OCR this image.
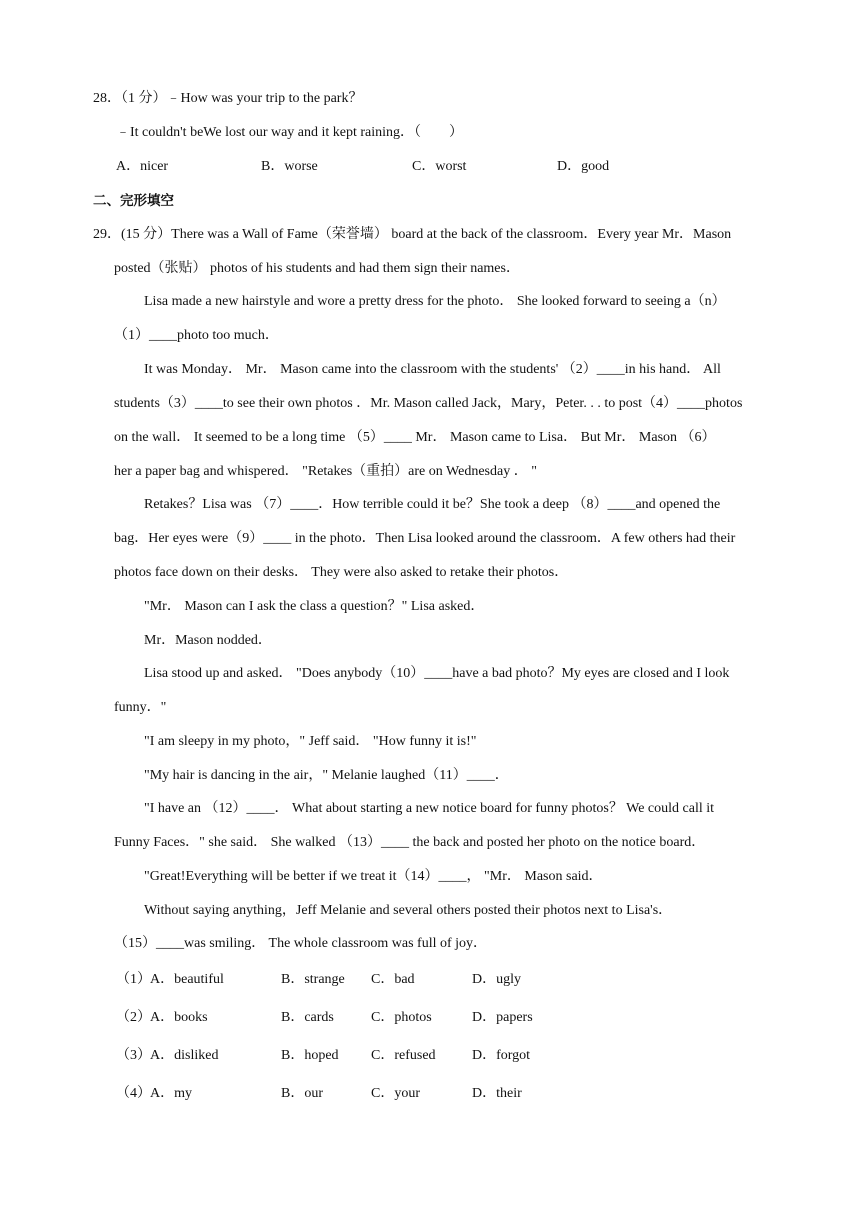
28．（1 分）﹣How was your trip to the park？
﹣It couldn't beWe lost our way and it kept raining．（　　）
A．nicer	B．worse	C．worst	D．good
二、完形填空
29．(15 分）There was a Wall of Fame（荣誉墙） board at the back of the classroom．Every year Mr．Mason
posted（张贴） photos of his students and had them sign their names．
Lisa made a new hairstyle and wore a pretty dress for the photo． She looked forward to seeing a（n）
（1）____photo too much．
It was Monday． Mr． Mason came into the classroom with the students' （2）____in his hand． All
students（3）____to see their own photos ．Mr. Mason called Jack，Mary，Peter. . . to post（4）____photos
on the wall． It seemed to be a long time （5）____ Mr． Mason came to Lisa． But Mr． Mason （6）
her a paper bag and whispered． "Retakes（重拍）are on Wednesday ． "
Retakes？Lisa was （7）____．How terrible could it be？She took a deep （8）____and opened the
bag．Her eyes were（9）____ in the photo．Then Lisa looked around the classroom．A few others had their
photos face down on their desks． They were also asked to retake their photos．
"Mr． Mason can I ask the class a question？" Lisa asked．
Mr．Mason nodded．
Lisa stood up and asked． "Does anybody（10）____have a bad photo？My eyes are closed and I look
funny．"
"I am sleepy in my photo，" Jeff said． "How funny it is!"
"My hair is dancing in the air，" Melanie laughed（11）____．
"I have an （12）____． What about starting a new notice board for funny photos？ We could call it
Funny Faces．" she said． She walked （13）____ the back and posted her photo on the notice board．
"Great!Everything will be better if we treat it（14）____， "Mr． Mason said．
Without saying anything，Jeff Melanie and several others posted their photos next to Lisa's．
（15）____was smiling． The whole classroom was full of joy．
（1） A．beautiful	B．strange C．bad	D．ugly
（2） A．books	B．cards	C．photos	D．papers
（3） A．disliked	B．hoped C．refused	D．forgot
（4） A．my	B．our	C．your	D．their
